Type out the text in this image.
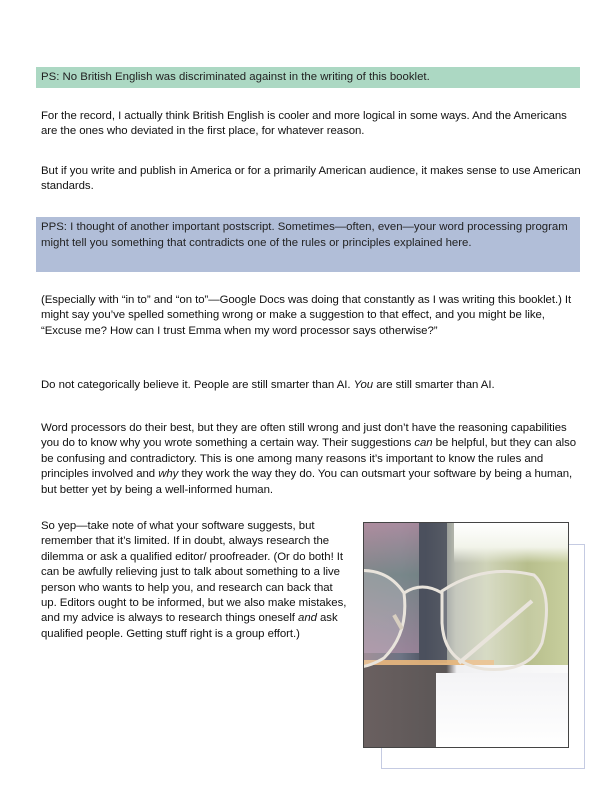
PS: No British English was discriminated against in the writing of this booklet.

For the record, I actually think British English is cooler and more logical in some ways. And the Americans are the ones who deviated in the first place, for whatever reason.

But if you write and publish in America or for a primarily American audience, it makes sense to use American standards.

PPS: I thought of another important postscript. Sometimes—often, even—your word processing program might tell you something that contradicts one of the rules or principles explained here.

(Especially with “in to” and “on to”—Google Docs was doing that constantly as I was writing this booklet.) It might say you’ve spelled something wrong or make a suggestion to that effect, and you might be like, “Excuse me? How can I trust Emma when my word processor says otherwise?”

Do not categorically believe it. People are still smarter than AI. You are still smarter than AI.

Word processors do their best, but they are often still wrong and just don’t have the reasoning capabilities you do to know why you wrote something a certain way. Their suggestions can be helpful, but they can also be confusing and contradictory. This is one among many reasons it’s important to know the rules and principles involved and why they work the way they do. You can outsmart your software by being a human, but better yet by being a well-informed human.

So yep—take note of what your software suggests, but remember that it’s limited. If in doubt, always research the dilemma or ask a qualified editor/ proofreader. (Or do both! It can be awfully relieving just to talk about something to a live person who wants to help you, and research can back that up. Editors ought to be informed, but we also make mistakes, and my advice is always to research things oneself and ask qualified people. Getting stuff right is a group effort.)
